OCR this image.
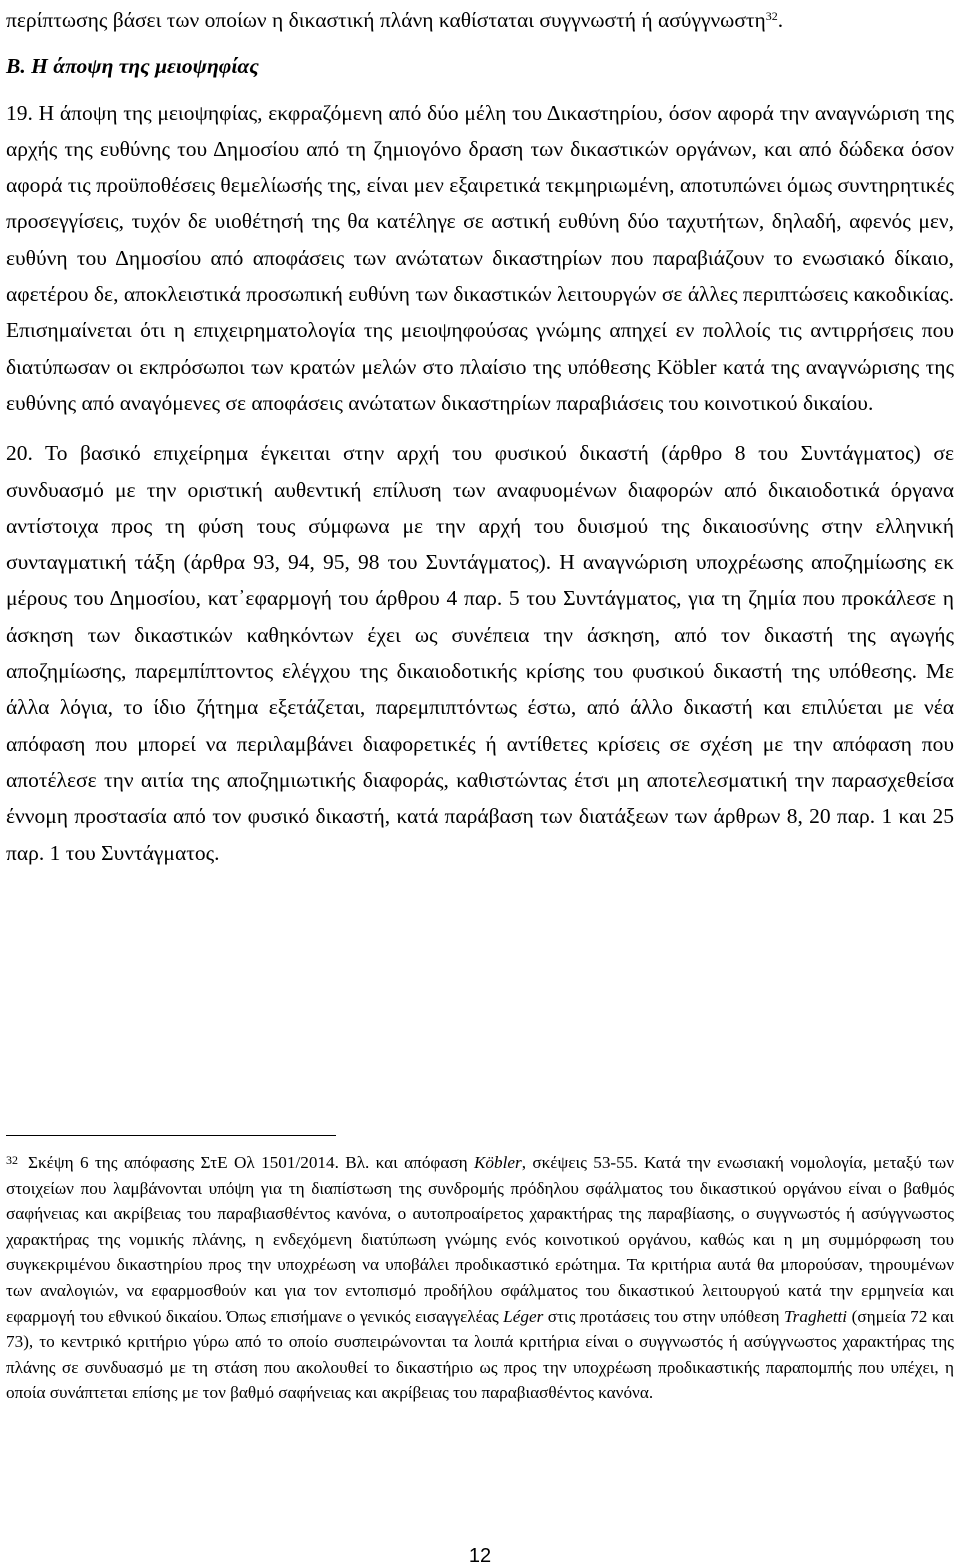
περίπτωσης βάσει των οποίων η δικαστική πλάνη καθίσταται συγγνωστή ή ασύγγνωστη$^{32}$.

Β. Η άποψη της μειοψηφίας

19. Η άποψη της μειοψηφίας, εκφραζόμενη από δύο μέλη του Δικαστηρίου, όσον αφορά την αναγνώριση της αρχής της ευθύνης του Δημοσίου από τη ζημιογόνο δραση των δικαστικών οργάνων, και από δώδεκα όσον αφορά τις προϋποθέσεις θεμελίωσής της, είναι μεν εξαιρετικά τεκμηριωμένη, αποτυπώνει όμως συντηρητικές προσεγγίσεις, τυχόν δε υιοθέτησή της θα κατέληγε σε αστική ευθύνη δύο ταχυτήτων, δηλαδή, αφενός μεν, ευθύνη του Δημοσίου από αποφάσεις των ανώτατων δικαστηρίων που παραβιάζουν το ενωσιακό δίκαιο, αφετέρου δε, αποκλειστικά προσωπική ευθύνη των δικαστικών λειτουργών σε άλλες περιπτώσεις κακοδικίας. Επισημαίνεται ότι η επιχειρηματολογία της μειοψηφούσας γνώμης απηχεί εν πολλοίς τις αντιρρήσεις που διατύπωσαν οι εκπρόσωποι των κρατών μελών στο πλαίσιο της υπόθεσης Köbler κατά της αναγνώρισης της ευθύνης από αναγόμενες σε αποφάσεις ανώτατων δικαστηρίων παραβιάσεις του κοινοτικού δικαίου.

20. Το βασικό επιχείρημα έγκειται στην αρχή του φυσικού δικαστή (άρθρο 8 του Συντάγματος) σε συνδυασμό με την οριστική αυθεντική επίλυση των αναφυομένων διαφορών από δικαιοδοτικά όργανα αντίστοιχα προς τη φύση τους σύμφωνα με την αρχή του δυισμού της δικαιοσύνης στην ελληνική συνταγματική τάξη (άρθρα 93, 94, 95, 98 του Συντάγματος). Η αναγνώριση υποχρέωσης αποζημίωσης εκ μέρους του Δημοσίου, κατ᾽εφαρμογή του άρθρου 4 παρ. 5 του Συντάγματος, για τη ζημία που προκάλεσε η άσκηση των δικαστικών καθηκόντων έχει ως συνέπεια την άσκηση, από τον δικαστή της αγωγής αποζημίωσης, παρεμπίπτοντος ελέγχου της δικαιοδοτικής κρίσης του φυσικού δικαστή της υπόθεσης. Με άλλα λόγια, το ίδιο ζήτημα εξετάζεται, παρεμπιπτόντως έστω, από άλλο δικαστή και επιλύεται με νέα απόφαση που μπορεί να περιλαμβάνει διαφορετικές ή αντίθετες κρίσεις σε σχέση με την απόφαση που αποτέλεσε την αιτία της αποζημιωτικής διαφοράς, καθιστώντας έτσι μη αποτελεσματική την παρασχεθείσα έννομη προστασία από τον φυσικό δικαστή, κατά παράβαση των διατάξεων των άρθρων 8, 20 παρ. 1 και 25 παρ. 1 του Συντάγματος.

$^{32}$ Σκέψη 6 της απόφασης ΣτΕ Ολ 1501/2014. Βλ. και απόφαση Köbler, σκέψεις 53-55. Κατά την ενωσιακή νομολογία, μεταξύ των στοιχείων που λαμβάνονται υπόψη για τη διαπίστωση της συνδρομής πρόδηλου σφάλματος του δικαστικού οργάνου είναι ο βαθμός σαφήνειας και ακρίβειας του παραβιασθέντος κανόνα, ο αυτοπροαίρετος χαρακτήρας της παραβίασης, ο συγγνωστός ή ασύγγνωστος χαρακτήρας της νομικής πλάνης, η ενδεχόμενη διατύπωση γνώμης ενός κοινοτικού οργάνου, καθώς και η μη συμμόρφωση του συγκεκριμένου δικαστηρίου προς την υποχρέωση να υποβάλει προδικαστικό ερώτημα. Τα κριτήρια αυτά θα μπορούσαν, τηρουμένων των αναλογιών, να εφαρμοσθούν και για τον εντοπισμό προδήλου σφάλματος του δικαστικού λειτουργού κατά την ερμηνεία και εφαρμογή του εθνικού δικαίου. Όπως επισήμανε ο γενικός εισαγγελέας Léger στις προτάσεις του στην υπόθεση Traghetti (σημεία 72 και 73), το κεντρικό κριτήριο γύρω από το οποίο συσπειρώνονται τα λοιπά κριτήρια είναι ο συγγνωστός ή ασύγγνωστος χαρακτήρας της πλάνης σε συνδυασμό με τη στάση που ακολουθεί το δικαστήριο ως προς την υποχρέωση προδικαστικής παραπομπής που υπέχει, η οποία συνάπτεται επίσης με τον βαθμό σαφήνειας και ακρίβειας του παραβιασθέντος κανόνα.

12
